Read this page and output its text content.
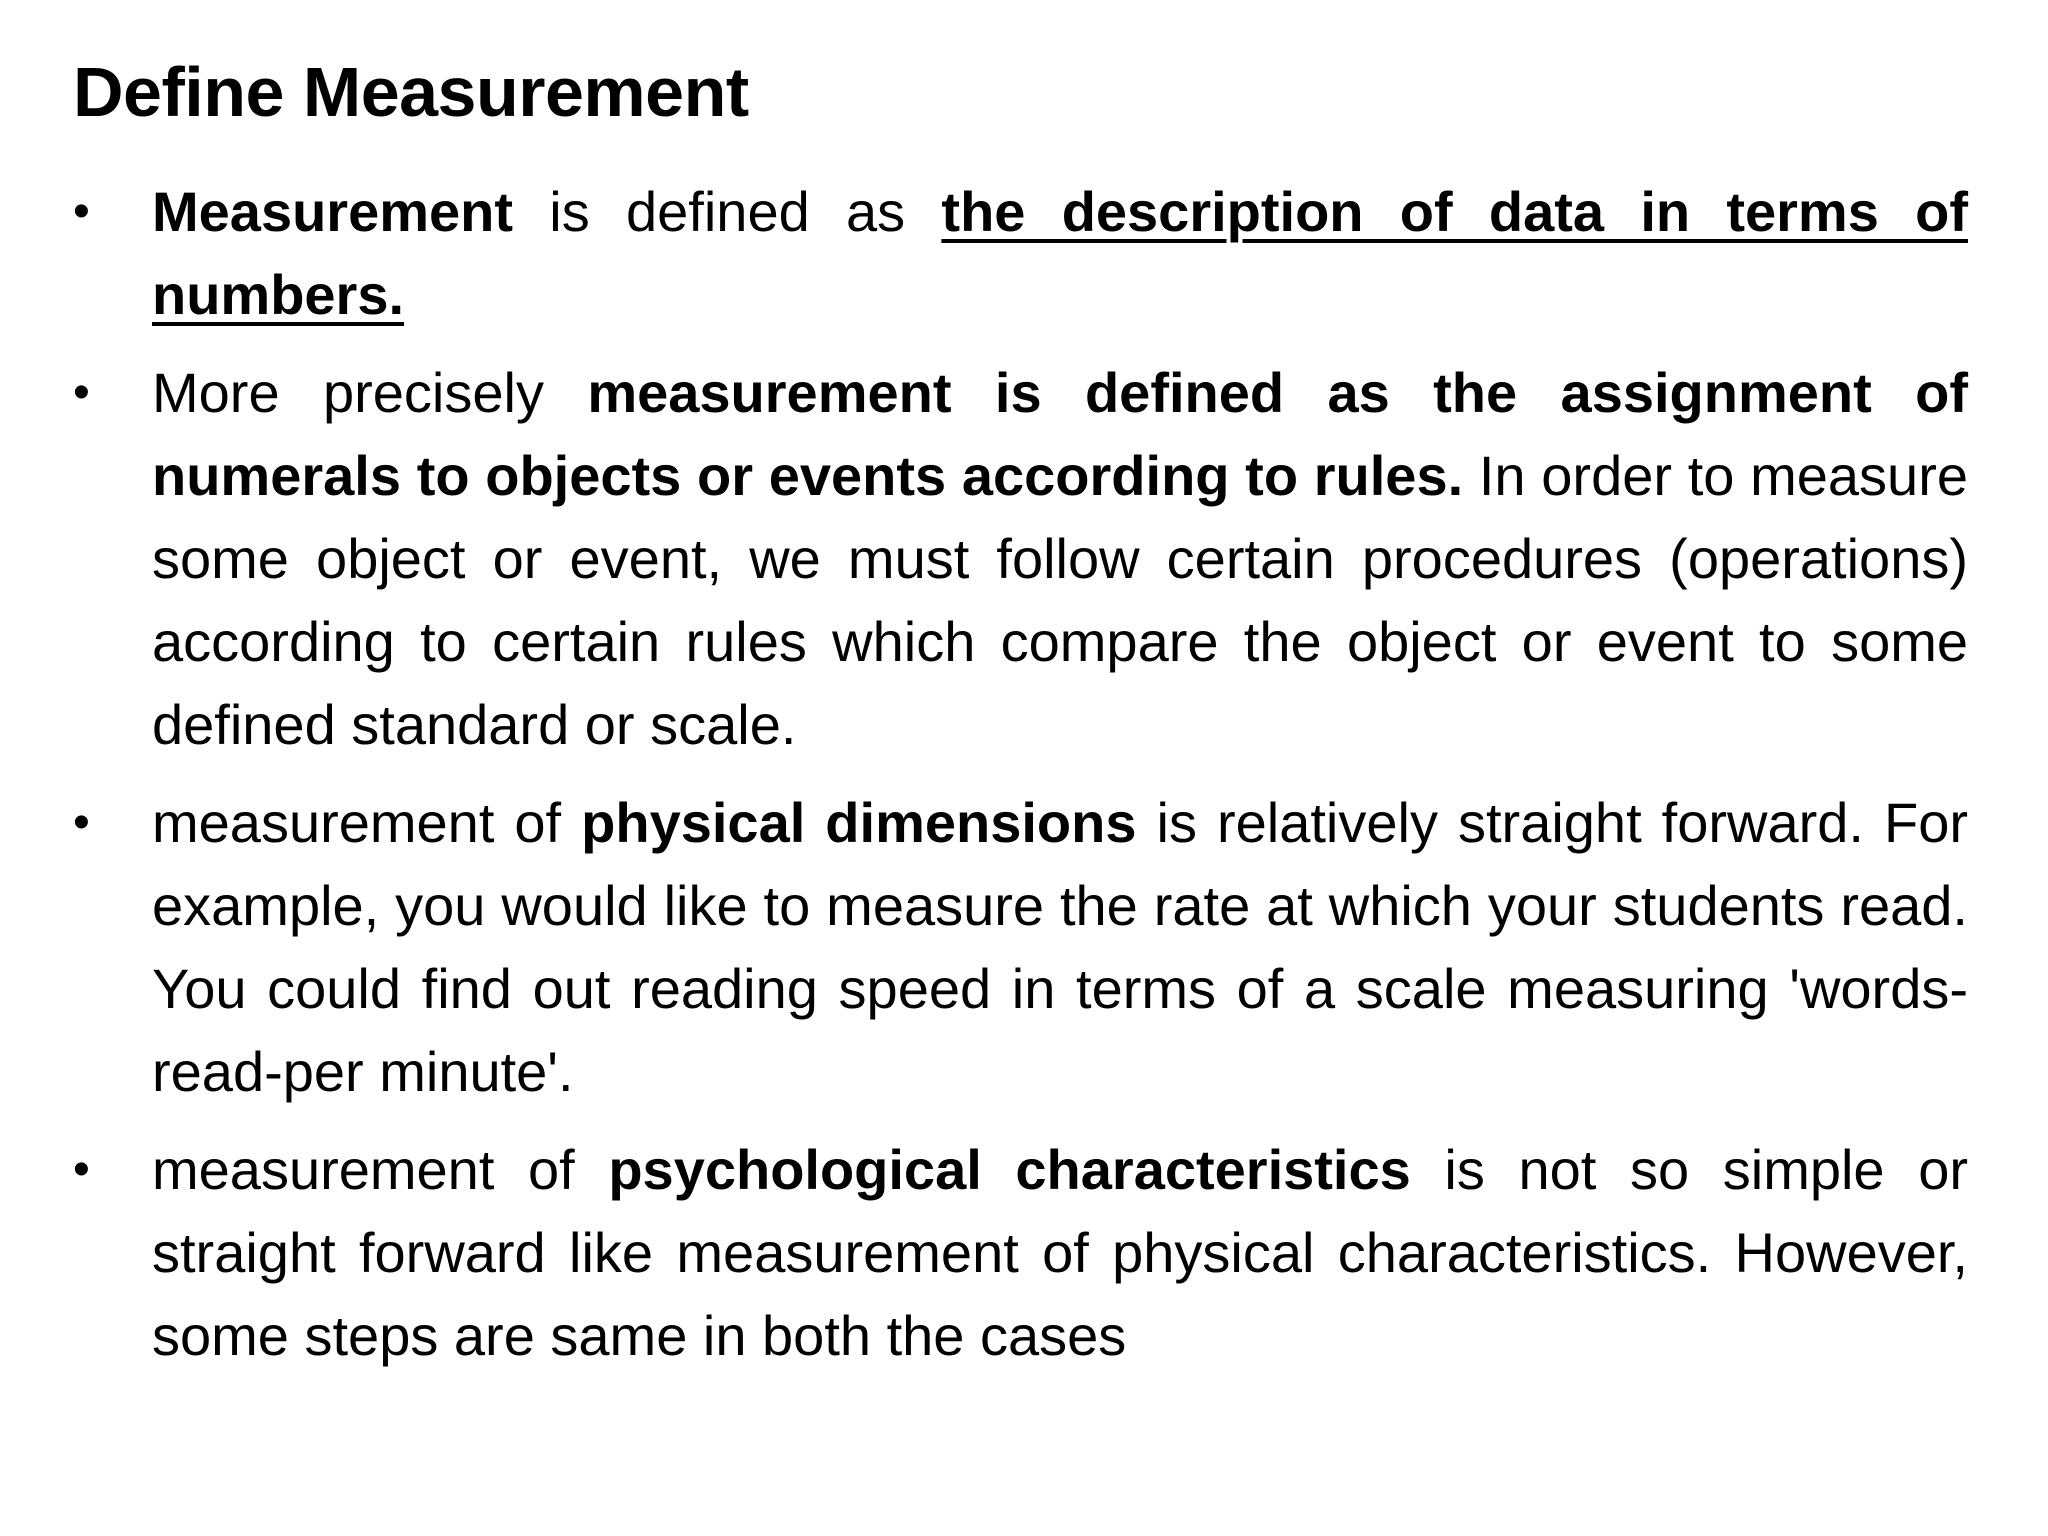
Define Measurement
•	Measurement is defined as the description of data in terms of numbers.
•	More precisely measurement is defined as the assignment of numerals to objects or events according to rules. In order to measure some object or event, we must follow certain procedures (operations) according to certain rules which compare the object or event to some defined standard or scale.
•	measurement of physical dimensions is relatively straight forward. For example, you would like to measure the rate at which your students read. You could find out reading speed in terms of a scale measuring 'words-read-per minute'.
•	measurement of psychological characteristics is not so simple or straight forward like measurement of physical characteristics. However, some steps are same in both the cases
